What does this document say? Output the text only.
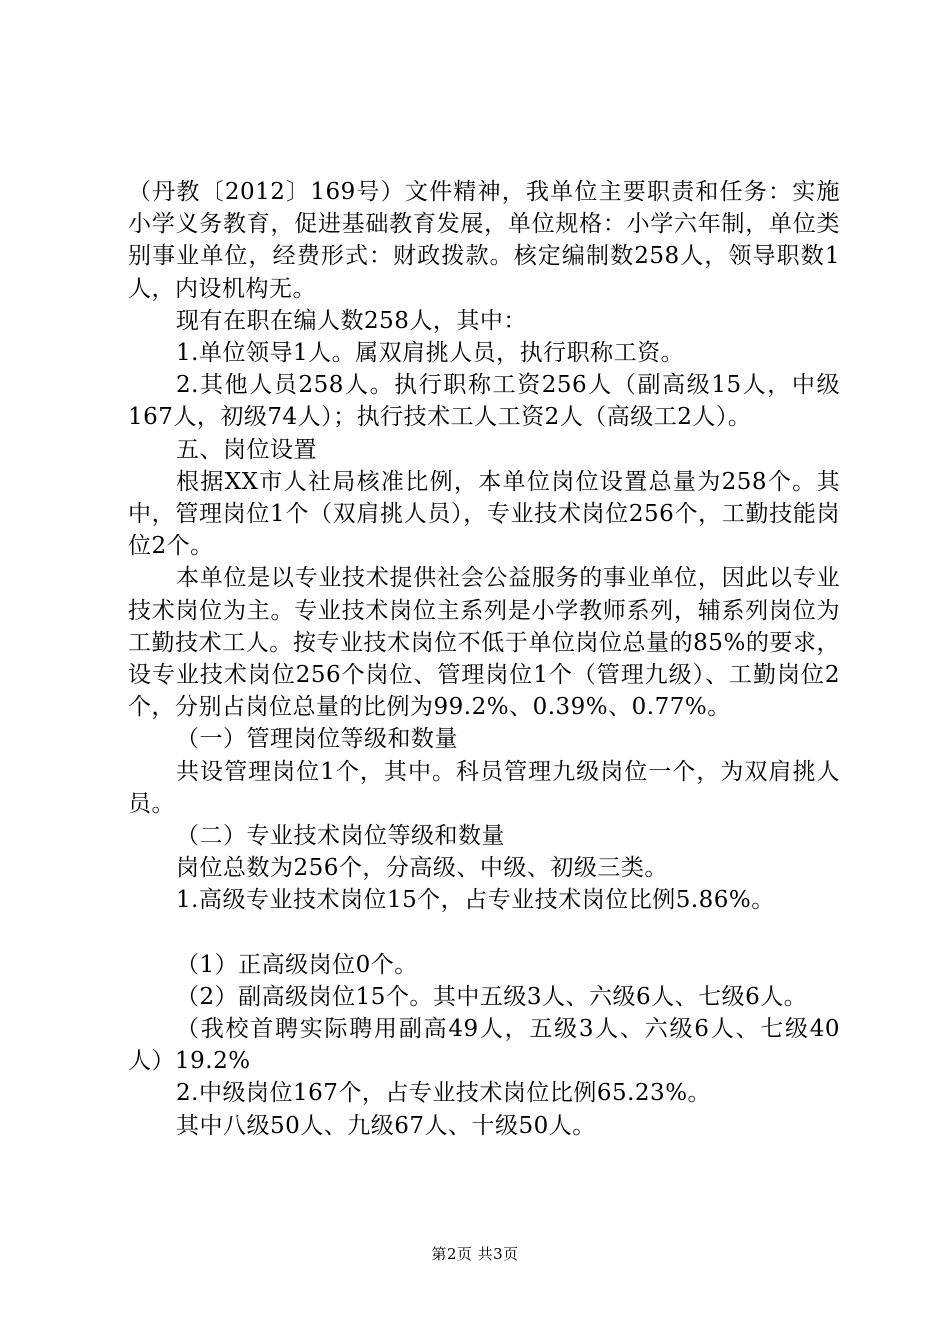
（丹教〔2012〕169号）文件精神，我单位主要职责和任务：实施小学义务教育，促进基础教育发展，单位规格：小学六年制，单位类别事业单位，经费形式：财政拨款。核定编制数258人，领导职数1人，内设机构无。

现有在职在编人数258人，其中：

1.单位领导1人。属双肩挑人员，执行职称工资。

2.其他人员258人。执行职称工资256人（副高级15人，中级167人，初级74人）；执行技术工人工资2人（高级工2人）。

五、岗位设置

根据XX市人社局核准比例，本单位岗位设置总量为258个。其中，管理岗位1个（双肩挑人员），专业技术岗位256个，工勤技能岗位2个。

本单位是以专业技术提供社会公益服务的事业单位，因此以专业技术岗位为主。专业技术岗位主系列是小学教师系列，辅系列岗位为工勤技术工人。按专业技术岗位不低于单位岗位总量的85%的要求，设专业技术岗位256个岗位、管理岗位1个（管理九级）、工勤岗位2个，分别占岗位总量的比例为99.2%、0.39%、0.77%。

（一）管理岗位等级和数量

共设管理岗位1个，其中。科员管理九级岗位一个，为双肩挑人员。

（二）专业技术岗位等级和数量

岗位总数为256个，分高级、中级、初级三类。

1.高级专业技术岗位15个，占专业技术岗位比例5.86%。

（1）正高级岗位0个。

（2）副高级岗位15个。其中五级3人、六级6人、七级6人。

（我校首聘实际聘用副高49人，五级3人、六级6人、七级40人）19.2%

2.中级岗位167个，占专业技术岗位比例65.23%。

其中八级50人、九级67人、十级50人。

第2页 共3页
